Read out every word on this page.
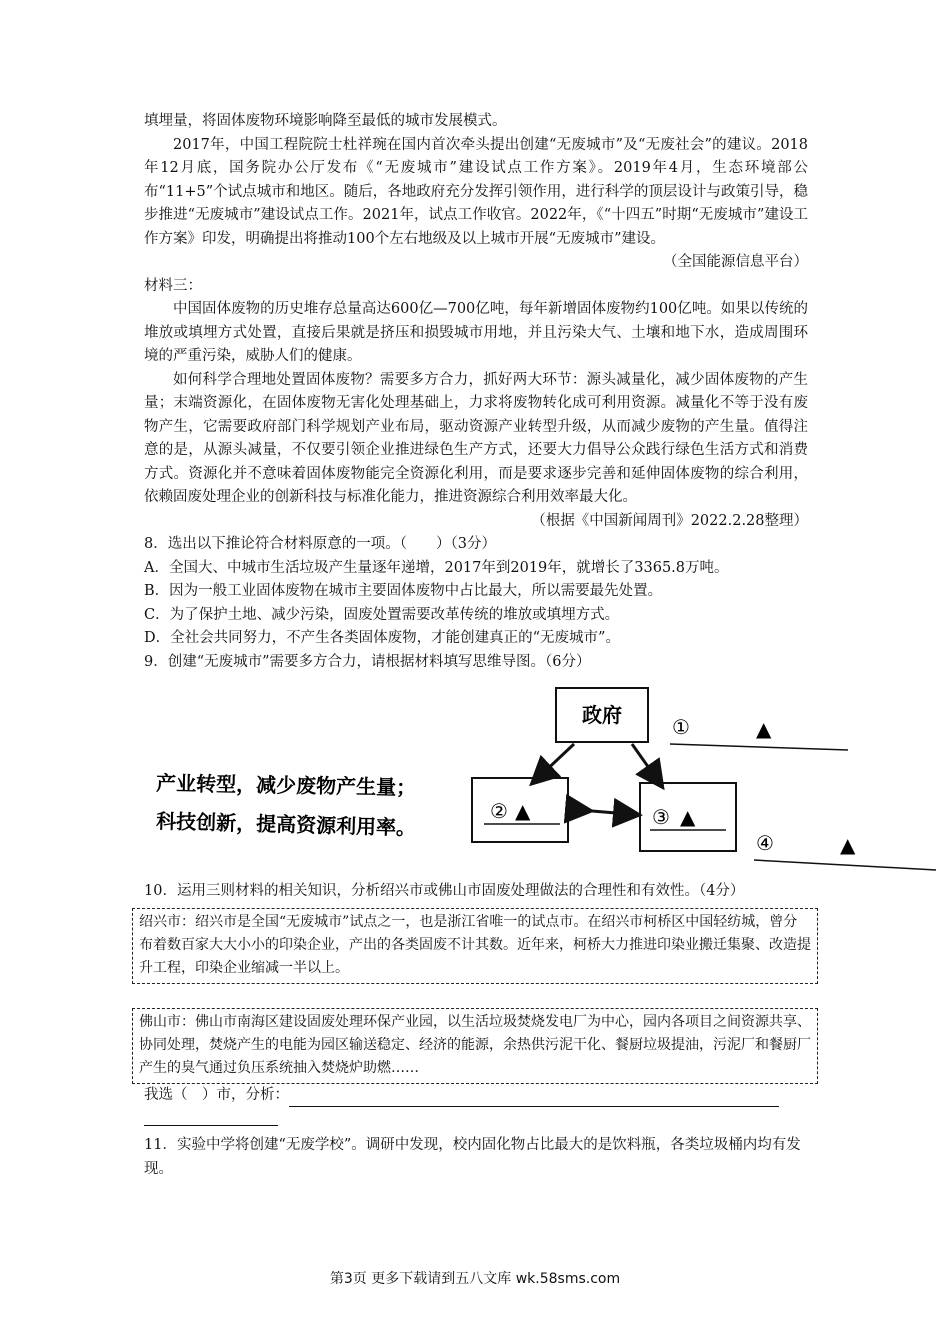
填埋量，将固体废物环境影响降至最低的城市发展模式。

2017年，中国工程院院士杜祥琬在国内首次牵头提出创建“无废城市”及“无废社会”的建议。2018年12月底，国务院办公厅发布《“无废城市”建设试点工作方案》。2019年4月，生态环境部公布“11+5”个试点城市和地区。随后，各地政府充分发挥引领作用，进行科学的顶层设计与政策引导，稳步推进“无废城市”建设试点工作。2021年，试点工作收官。2022年，《“十四五”时期“无废城市”建设工作方案》印发，明确提出将推动100个左右地级及以上城市开展“无废城市”建设。

（全国能源信息平台）

材料三：

中国固体废物的历史堆存总量高达600亿—700亿吨，每年新增固体废物约100亿吨。如果以传统的堆放或填埋方式处置，直接后果就是挤压和损毁城市用地，并且污染大气、土壤和地下水，造成周围环境的严重污染，威胁人们的健康。

如何科学合理地处置固体废物？需要多方合力，抓好两大环节：源头减量化，减少固体废物的产生量；末端资源化，在固体废物无害化处理基础上，力求将废物转化成可利用资源。减量化不等于没有废物产生，它需要政府部门科学规划产业布局，驱动资源产业转型升级，从而减少废物的产生量。值得注意的是，从源头减量，不仅要引领企业推进绿色生产方式，还要大力倡导公众践行绿色生活方式和消费方式。资源化并不意味着固体废物能完全资源化利用，而是要求逐步完善和延伸固体废物的综合利用，依赖固废处理企业的创新科技与标准化能力，推进资源综合利用效率最大化。

（根据《中国新闻周刊》2022.2.28整理）

8．选出以下推论符合材料原意的一项。（　　）（3分）

A．全国大、中城市生活垃圾产生量逐年递增，2017年到2019年，就增长了3365.8万吨。

B．因为一般工业固体废物在城市主要固体废物中占比最大，所以需要最先处置。

C．为了保护土地、减少污染，固废处置需要改革传统的堆放或填埋方式。

D．全社会共同努力，不产生各类固体废物，才能创建真正的“无废城市”。

9．创建“无废城市”需要多方合力，请根据材料填写思维导图。（6分）

政府
② ▲	③ ▲
①	▲
④	▲
产业转型，减少废物产生量；
科技创新，提高资源利用率。

10．运用三则材料的相关知识，分析绍兴市或佛山市固废处理做法的合理性和有效性。（4分）

绍兴市：绍兴市是全国“无废城市”试点之一，也是浙江省唯一的试点市。在绍兴市柯桥区中国轻纺城，曾分布着数百家大大小小的印染企业，产出的各类固废不计其数。近年来，柯桥大力推进印染业搬迁集聚、改造提升工程，印染企业缩减一半以上。
佛山市：佛山市南海区建设固废处理环保产业园，以生活垃圾焚烧发电厂为中心，园内各项目之间资源共享、协同处理，焚烧产生的电能为园区输送稳定、经济的能源，余热供污泥干化、餐厨垃圾提油，污泥厂和餐厨厂产生的臭气通过负压系统抽入焚烧炉助燃……

我选（　）市，分析：

11．实验中学将创建“无废学校”。调研中发现，校内固化物占比最大的是饮料瓶，各类垃圾桶内均有发现。

第3页 更多下载请到五八文库 wk.58sms.com
